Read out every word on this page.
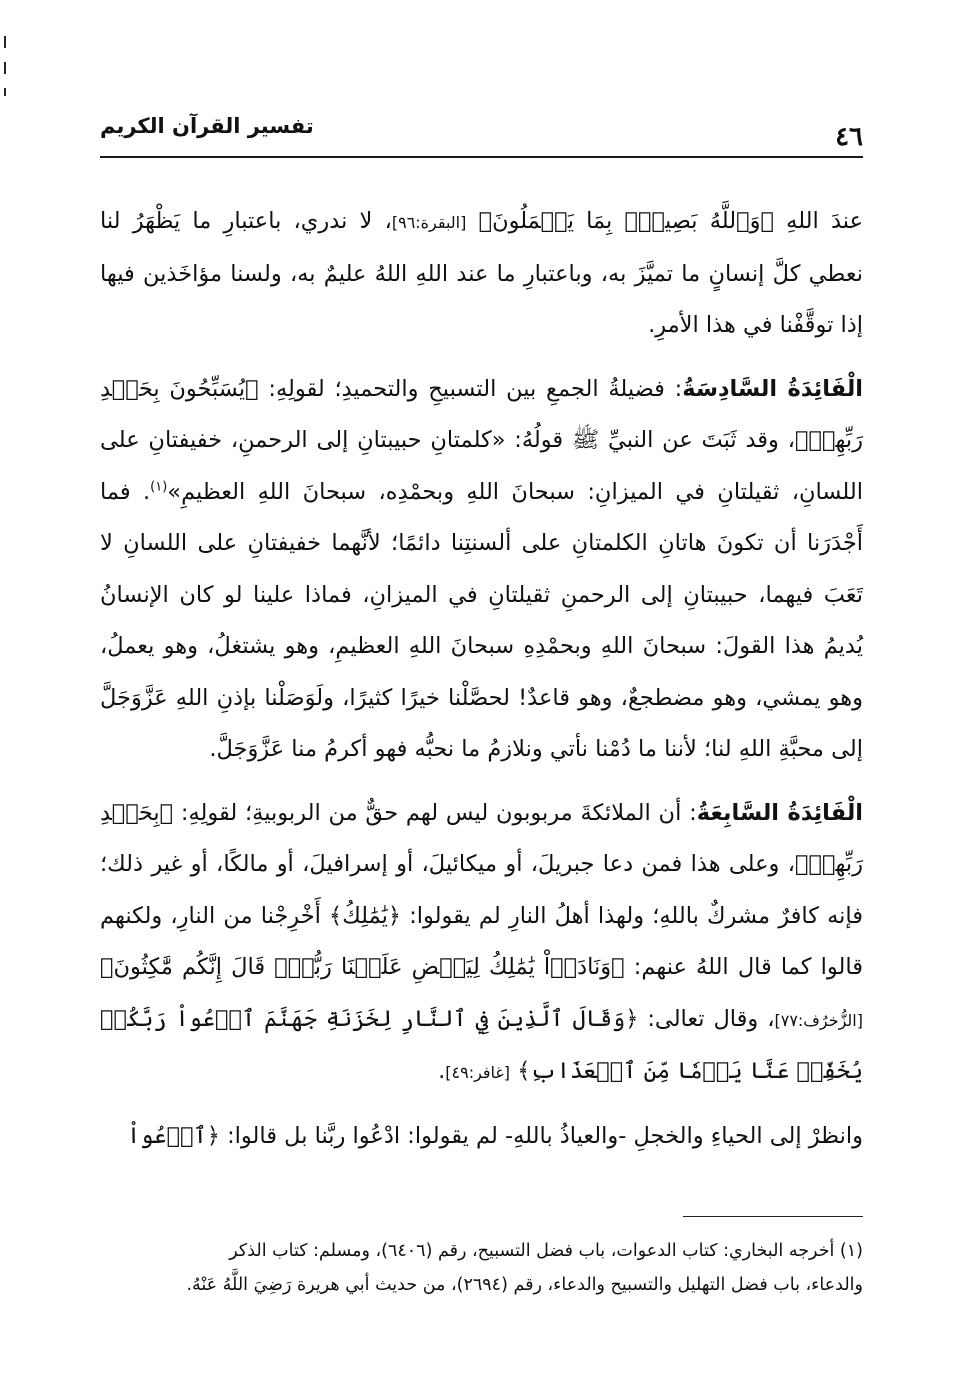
٤٦
تفسير القرآن الكريم

عندَ اللهِ ﴿وَٱللَّهُ بَصِيرُۢ بِمَا يَعۡمَلُونَ﴾ [البقرة:٩٦]، لا ندري، باعتبارِ ما يَظْهَرُ لنا نعطي كلَّ إنسانٍ ما تميَّزَ به، وباعتبارِ ما عند اللهِ اللهُ عليمٌ به، ولسنا مؤاخَذين فيها إذا توقَّفْنا في هذا الأمرِ.

الْفَائِدَةُ السَّادِسَةُ: فضيلةُ الجمعِ بين التسبيحِ والتحميدِ؛ لقولِهِ: ﴿يُسَبِّحُونَ بِحَمۡدِ رَبِّهِمۡ﴾، وقد ثَبَتَ عن النبيِّ ﷺ قولُهُ: «كلمتانِ حبيبتانِ إلى الرحمنِ، خفيفتانِ على اللسانِ، ثقيلتانِ في الميزانِ: سبحانَ اللهِ وبحمْدِه، سبحانَ اللهِ العظيمِ»$^{(١)}$. فما أَجْدَرَنا أن تكونَ هاتانِ الكلمتانِ على ألسنتِنا دائمًا؛ لأنَّهما خفيفتانِ على اللسانِ لا تَعَبَ فيهما، حبيبتانِ إلى الرحمنِ ثقيلتانِ في الميزانِ، فماذا علينا لو كان الإنسانُ يُديمُ هذا القولَ: سبحانَ اللهِ وبحمْدِهِ سبحانَ اللهِ العظيمِ، وهو يشتغلُ، وهو يعملُ، وهو يمشي، وهو مضطجعٌ، وهو قاعدٌ! لحصَّلْنا خيرًا كثيرًا، ولَوَصَلْنا بإذنِ اللهِ عَزَّوَجَلَّ إلى محبَّةِ اللهِ لنا؛ لأننا ما دُمْنا نأتي ونلازمُ ما نحبُّه فهو أكرمُ منا عَزَّوَجَلَّ.

الْفَائِدَةُ السَّابِعَةُ: أن الملائكةَ مربوبون ليس لهم حقٌّ من الربوبيةِ؛ لقولِهِ: ﴿بِحَمۡدِ رَبِّهِمۡ﴾، وعلى هذا فمن دعا جبريلَ، أو ميكائيلَ، أو إسرافيلَ، أو مالكًا، أو غير ذلك؛ فإنه كافرٌ مشركٌ باللهِ؛ ولهذا أهلُ النارِ لم يقولوا: ﴿يَٰمَٰلِكُ﴾ أَخْرِجْنا من النارِ، ولكنهم قالوا كما قال اللهُ عنهم: ﴿وَنَادَوۡاْ يَٰمَٰلِكُ لِيَقۡضِ عَلَيۡنَا رَبُّكَۖ قَالَ إِنَّكُم مَّٰكِثُونَ﴾ [الزُّخرُف:٧٧]، وقال تعالى: ﴿وَقَالَ ٱلَّذِينَ فِي ٱلنَّارِ لِخَزَنَةِ جَهَنَّمَ ٱدۡعُواْ رَبَّكُمۡ يُخَفِّفۡ عَنَّا يَوۡمٗا مِّنَ ٱلۡعَذَابِ﴾ [غافر:٤٩].

وانظرْ إلى الحياءِ والخجلِ -والعياذُ باللهِ- لم يقولوا: ادْعُوا ربَّنا بل قالوا: ﴿ٱدۡعُواْ

(١) أخرجه البخاري: كتاب الدعوات، باب فضل التسبيح، رقم (٦٤٠٦)، ومسلم: كتاب الذكر

والدعاء، باب فضل التهليل والتسبيح والدعاء، رقم (٢٦٩٤)، من حديث أبي هريرة رَضِيَ اللَّهُ عَنْهُ.
